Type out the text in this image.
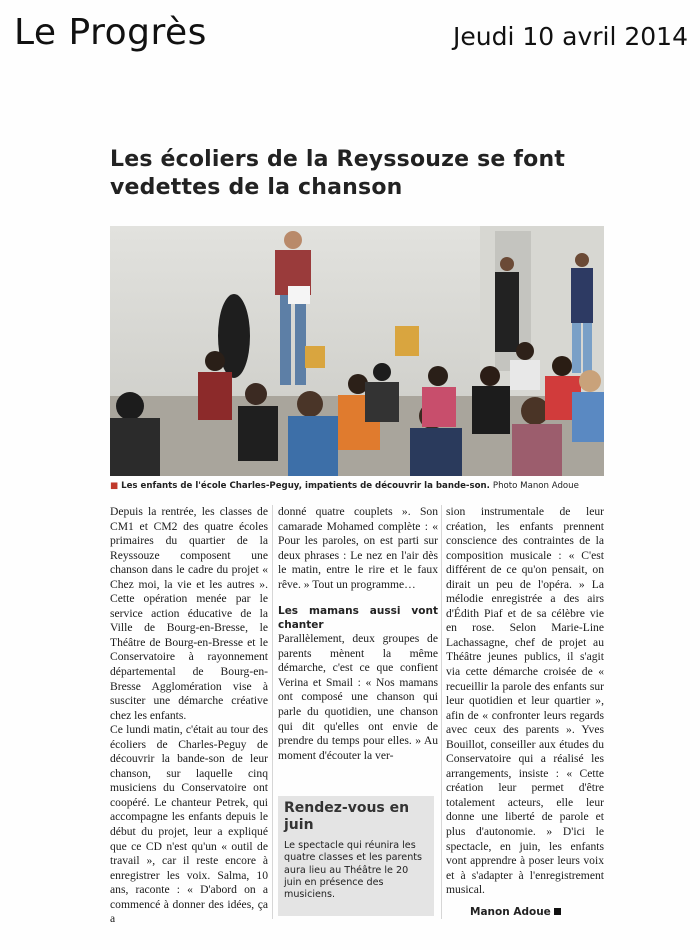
Le Progrès	Jeudi 10 avril 2014
Les écoliers de la Reyssouze se font vedettes de la chanson
■ Les enfants de l'école Charles-Peguy, impatients de découvrir la bande-son. Photo Manon Adoue

Depuis la rentrée, les classes de CM1 et CM2 des quatre écoles primaires du quartier de la Reyssouze composent une chanson dans le cadre du projet « Chez moi, la vie et les autres ». Cette opération menée par le service action éducative de la Ville de Bourg-en-Bresse, le Théâtre de Bourg-en-Bresse et le Conservatoire à rayonnement départemental de Bourg-en-Bresse Agglomération vise à susciter une démarche créative chez les enfants.

Ce lundi matin, c'était au tour des écoliers de Charles-Peguy de découvrir la bande-son de leur chanson, sur laquelle cinq musiciens du Conservatoire ont coopéré. Le chanteur Petrek, qui accompagne les enfants depuis le début du projet, leur a expliqué que ce CD n'est qu'un « outil de travail », car il reste encore à enregistrer les voix. Salma, 10 ans, raconte : « D'abord on a commencé à donner des idées, ça a

donné quatre couplets ». Son camarade Mohamed complète : « Pour les paroles, on est parti sur deux phrases : Le nez en l'air dès le matin, entre le rire et le faux rêve. » Tout un programme…

Les mamans aussi vont chanter

Parallèlement, deux groupes de parents mènent la même démarche, c'est ce que confient Verina et Smail : « Nos mamans ont composé une chanson qui parle du quotidien, une chanson qui dit qu'elles ont envie de prendre du temps pour elles. » Au moment d'écouter la ver-

Rendez-vous en juin
Le spectacle qui réunira les quatre classes et les parents aura lieu au Théâtre le 20 juin en présence des musiciens.

sion instrumentale de leur création, les enfants prennent conscience des contraintes de la composition musicale : « C'est différent de ce qu'on pensait, on dirait un peu de l'opéra. » La mélodie enregistrée a des airs d'Édith Piaf et de sa célèbre vie en rose. Selon Marie-Line Lachassagne, chef de projet au Théâtre jeunes publics, il s'agit via cette démarche croisée de « recueillir la parole des enfants sur leur quotidien et leur quartier », afin de « confronter leurs regards avec ceux des parents ». Yves Bouillot, conseiller aux études du Conservatoire qui a réalisé les arrangements, insiste : « Cette création leur permet d'être totalement acteurs, elle leur donne une liberté de parole et plus d'autonomie. » D'ici le spectacle, en juin, les enfants vont apprendre à poser leurs voix et à s'adapter à l'enregistrement musical.

Manon Adoue
